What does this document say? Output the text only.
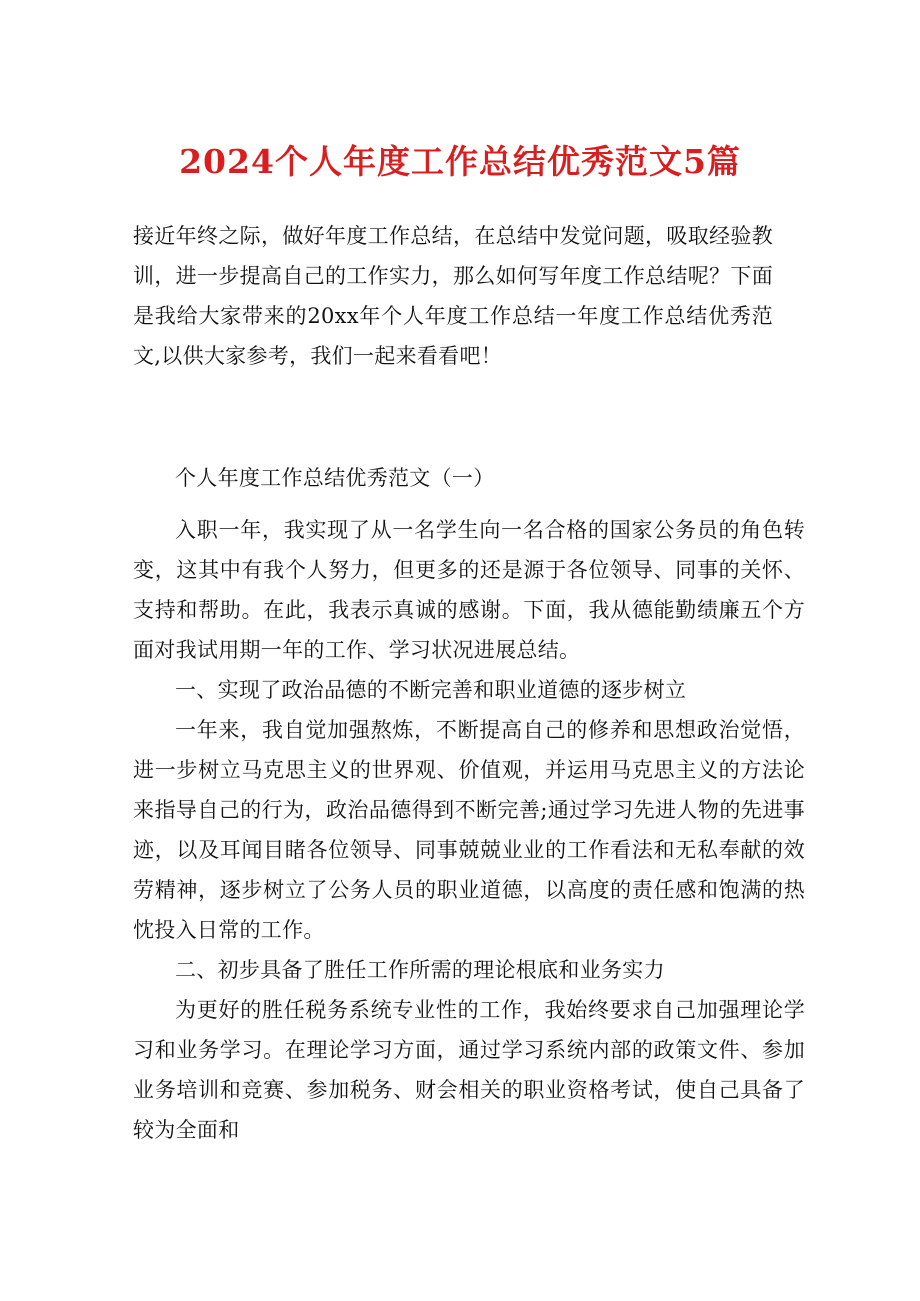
2024个人年度工作总结优秀范文5篇

接近年终之际，做好年度工作总结，在总结中发觉问题，吸取经验教训，进一步提高自己的工作实力，那么如何写年度工作总结呢？下面是我给大家带来的20xx年个人年度工作总结一年度工作总结优秀范文,以供大家参考，我们一起来看看吧！

个人年度工作总结优秀范文（一）

入职一年，我实现了从一名学生向一名合格的国家公务员的角色转变，这其中有我个人努力，但更多的还是源于各位领导、同事的关怀、支持和帮助。在此，我表示真诚的感谢。下面，我从德能勤绩廉五个方面对我试用期一年的工作、学习状况进展总结。

一、实现了政治品德的不断完善和职业道德的逐步树立

一年来，我自觉加强熬炼，不断提高自己的修养和思想政治觉悟，进一步树立马克思主义的世界观、价值观，并运用马克思主义的方法论来指导自己的行为，政治品德得到不断完善;通过学习先进人物的先进事迹，以及耳闻目睹各位领导、同事兢兢业业的工作看法和无私奉献的效劳精神，逐步树立了公务人员的职业道德，以高度的责任感和饱满的热忱投入日常的工作。

二、初步具备了胜任工作所需的理论根底和业务实力

为更好的胜任税务系统专业性的工作，我始终要求自己加强理论学习和业务学习。在理论学习方面，通过学习系统内部的政策文件、参加业务培训和竞赛、参加税务、财会相关的职业资格考试，使自己具备了较为全面和
